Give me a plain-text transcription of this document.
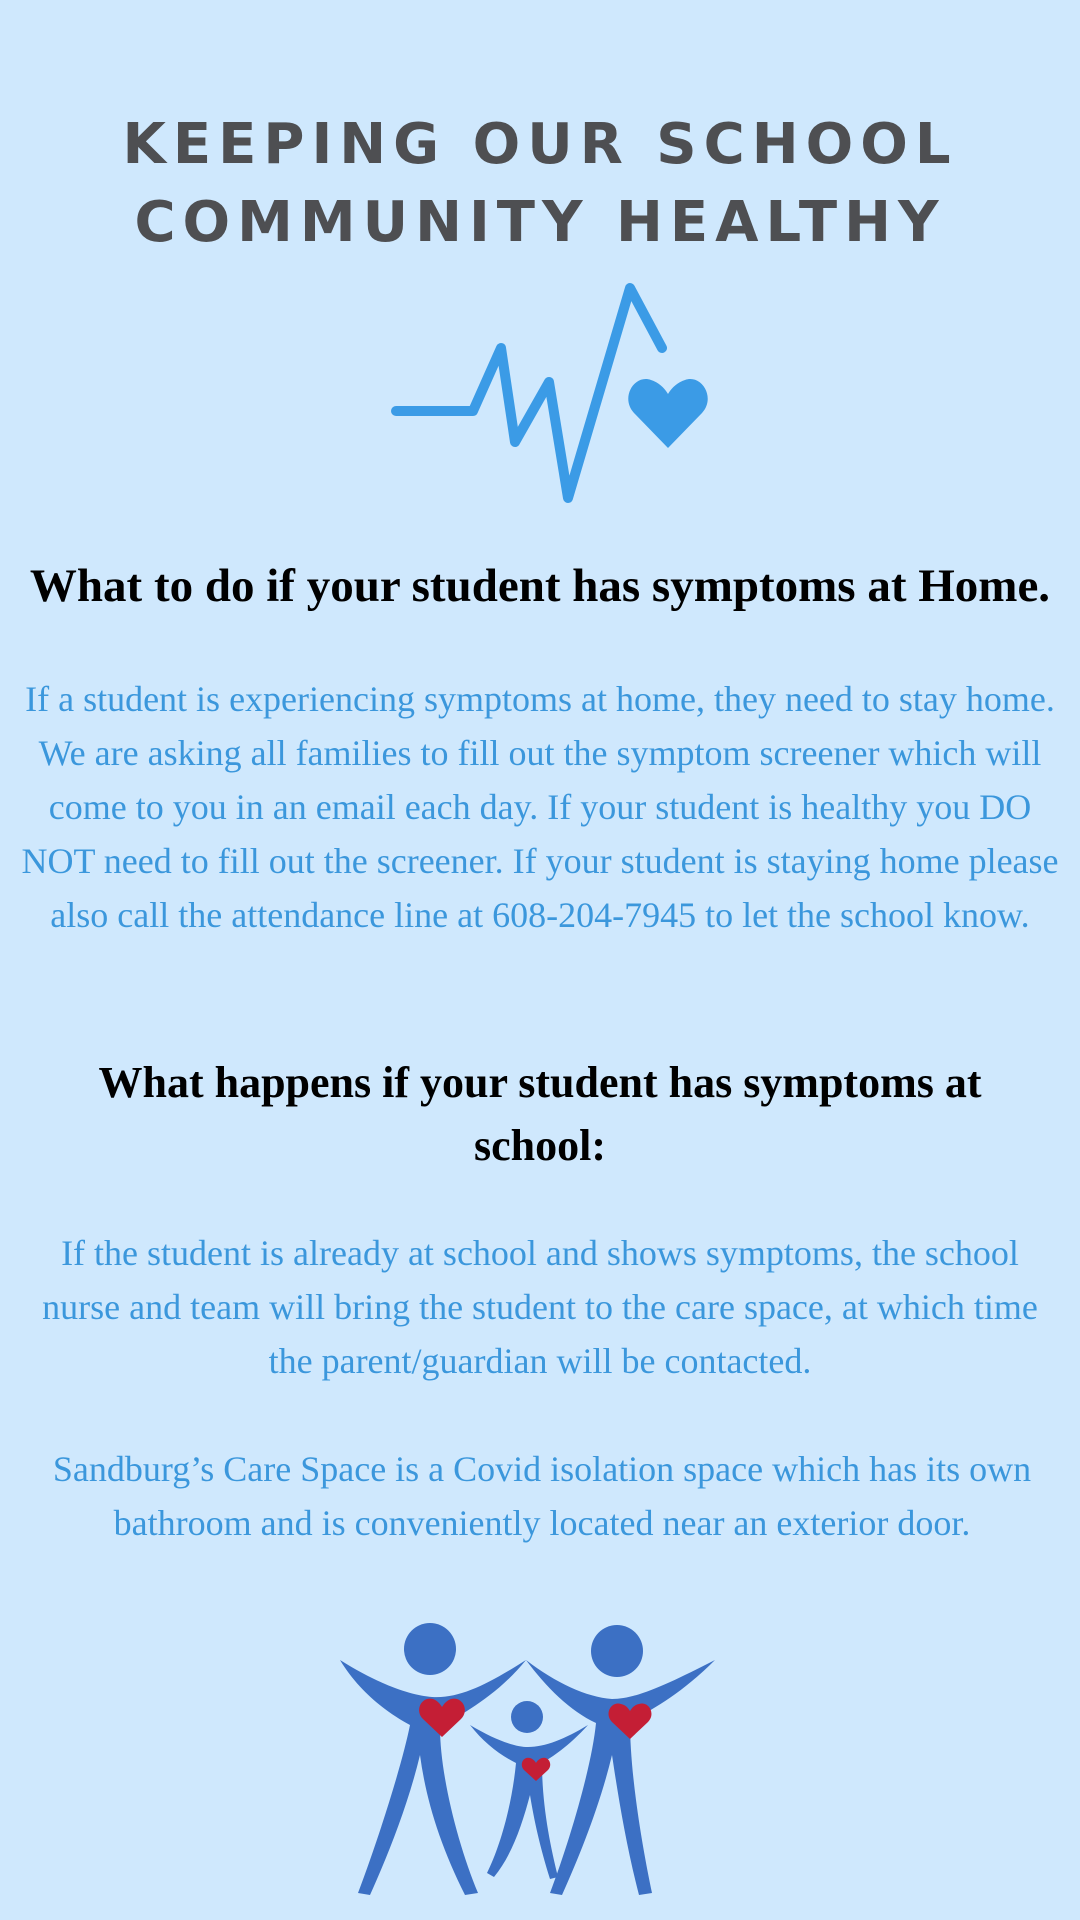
KEEPING OUR SCHOOL
COMMUNITY HEALTHY
What to do if your student has symptoms at Home.

If a student is experiencing symptoms at home, they need to stay home. We are asking all families to fill out the symptom screener which will come to you in an email each day. If your student is healthy you DO NOT need to fill out the screener. If your student is staying home please also call the attendance line at 608-204-7945 to let the school know.

What happens if your student has symptoms at school:

If the student is already at school and shows symptoms, the school nurse and team will bring the student to the care space, at which time the parent/guardian will be contacted.

Sandburg’s Care Space is a Covid isolation space which has its own bathroom and is conveniently located near an exterior door.
